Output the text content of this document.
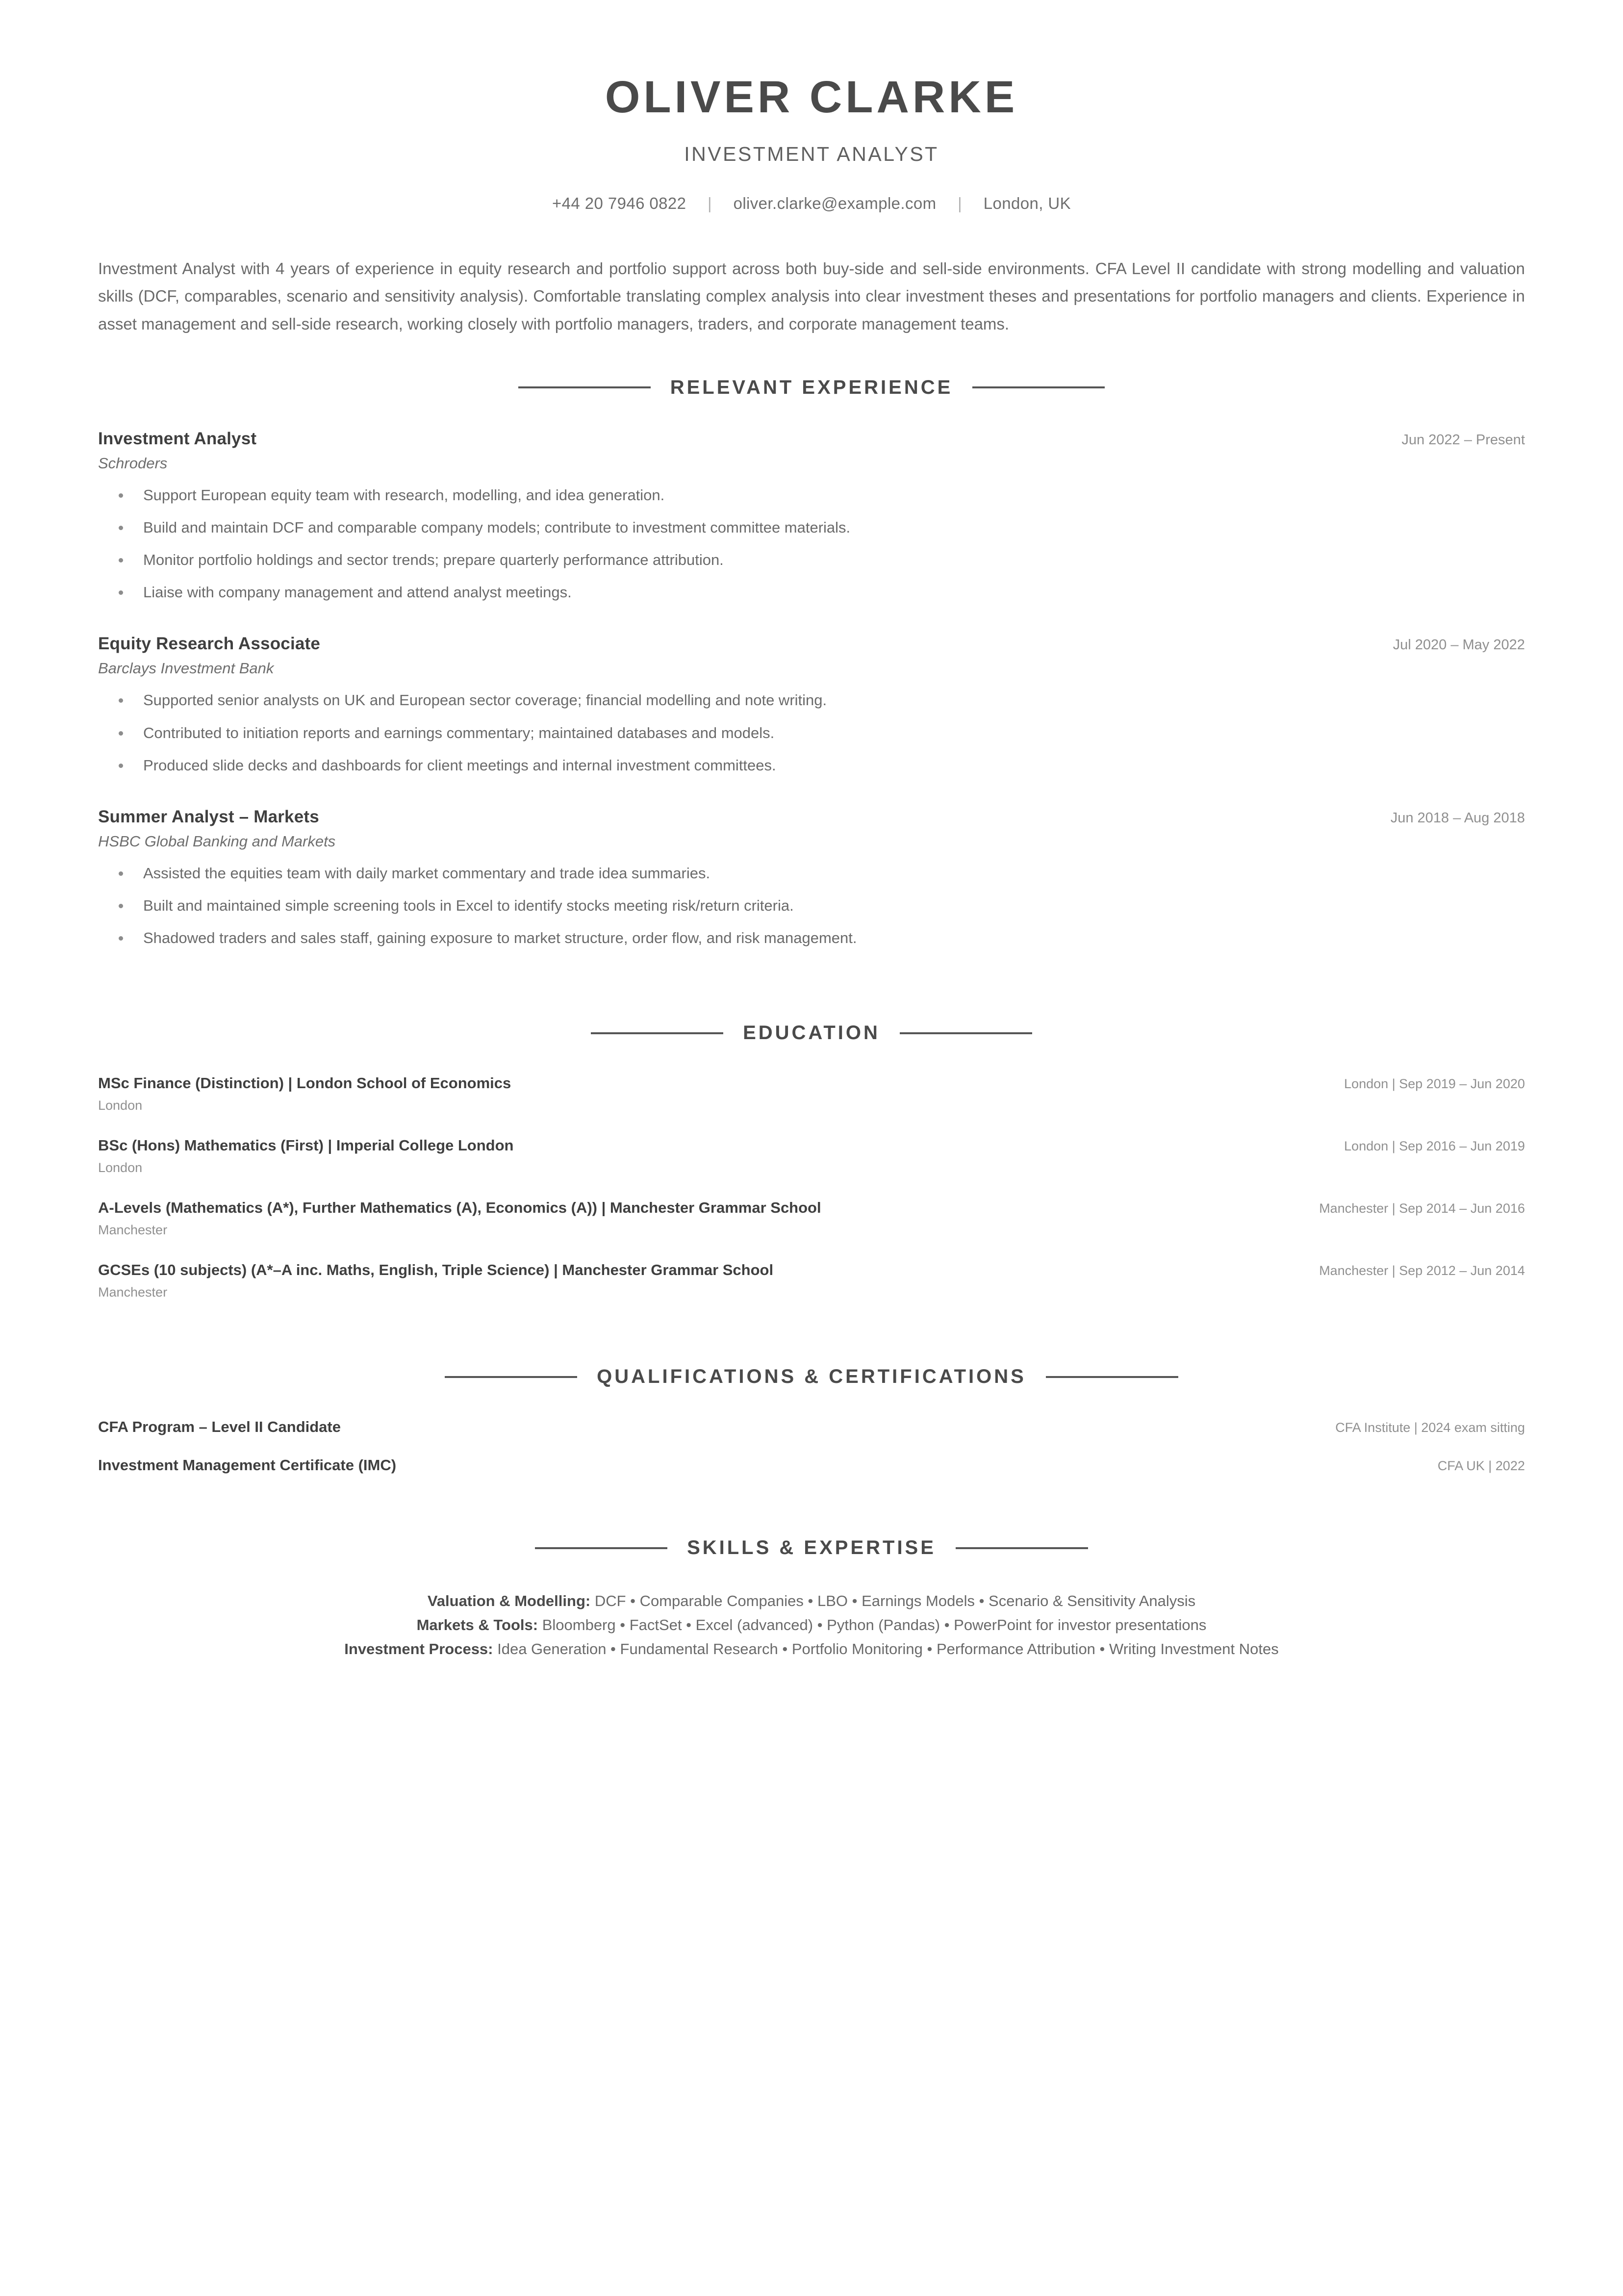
OLIVER CLARKE
INVESTMENT ANALYST
+44 20 7946 0822 | oliver.clarke@example.com | London, UK
Investment Analyst with 4 years of experience in equity research and portfolio support across both buy-side and sell-side environments. CFA Level II candidate with strong modelling and valuation skills (DCF, comparables, scenario and sensitivity analysis). Comfortable translating complex analysis into clear investment theses and presentations for portfolio managers and clients. Experience in asset management and sell-side research, working closely with portfolio managers, traders, and corporate management teams.
RELEVANT EXPERIENCE
Investment Analyst	Jun 2022 – Present
Schroders
Support European equity team with research, modelling, and idea generation.
Build and maintain DCF and comparable company models; contribute to investment committee materials.
Monitor portfolio holdings and sector trends; prepare quarterly performance attribution.
Liaise with company management and attend analyst meetings.
Equity Research Associate	Jul 2020 – May 2022
Barclays Investment Bank
Supported senior analysts on UK and European sector coverage; financial modelling and note writing.
Contributed to initiation reports and earnings commentary; maintained databases and models.
Produced slide decks and dashboards for client meetings and internal investment committees.
Summer Analyst – Markets	Jun 2018 – Aug 2018
HSBC Global Banking and Markets
Assisted the equities team with daily market commentary and trade idea summaries.
Built and maintained simple screening tools in Excel to identify stocks meeting risk/return criteria.
Shadowed traders and sales staff, gaining exposure to market structure, order flow, and risk management.
EDUCATION
MSc Finance (Distinction) | London School of Economics	London | Sep 2019 – Jun 2020
London
BSc (Hons) Mathematics (First) | Imperial College London	London | Sep 2016 – Jun 2019
London
A-Levels (Mathematics (A*), Further Mathematics (A), Economics (A)) | Manchester Grammar School	Manchester | Sep 2014 – Jun 2016
Manchester
GCSEs (10 subjects) (A*–A inc. Maths, English, Triple Science) | Manchester Grammar School	Manchester | Sep 2012 – Jun 2014
Manchester
QUALIFICATIONS & CERTIFICATIONS
CFA Program – Level II Candidate	CFA Institute | 2024 exam sitting
Investment Management Certificate (IMC)	CFA UK | 2022
SKILLS & EXPERTISE
Valuation & Modelling: DCF • Comparable Companies • LBO • Earnings Models • Scenario & Sensitivity Analysis
Markets & Tools: Bloomberg • FactSet • Excel (advanced) • Python (Pandas) • PowerPoint for investor presentations
Investment Process: Idea Generation • Fundamental Research • Portfolio Monitoring • Performance Attribution • Writing Investment Notes
